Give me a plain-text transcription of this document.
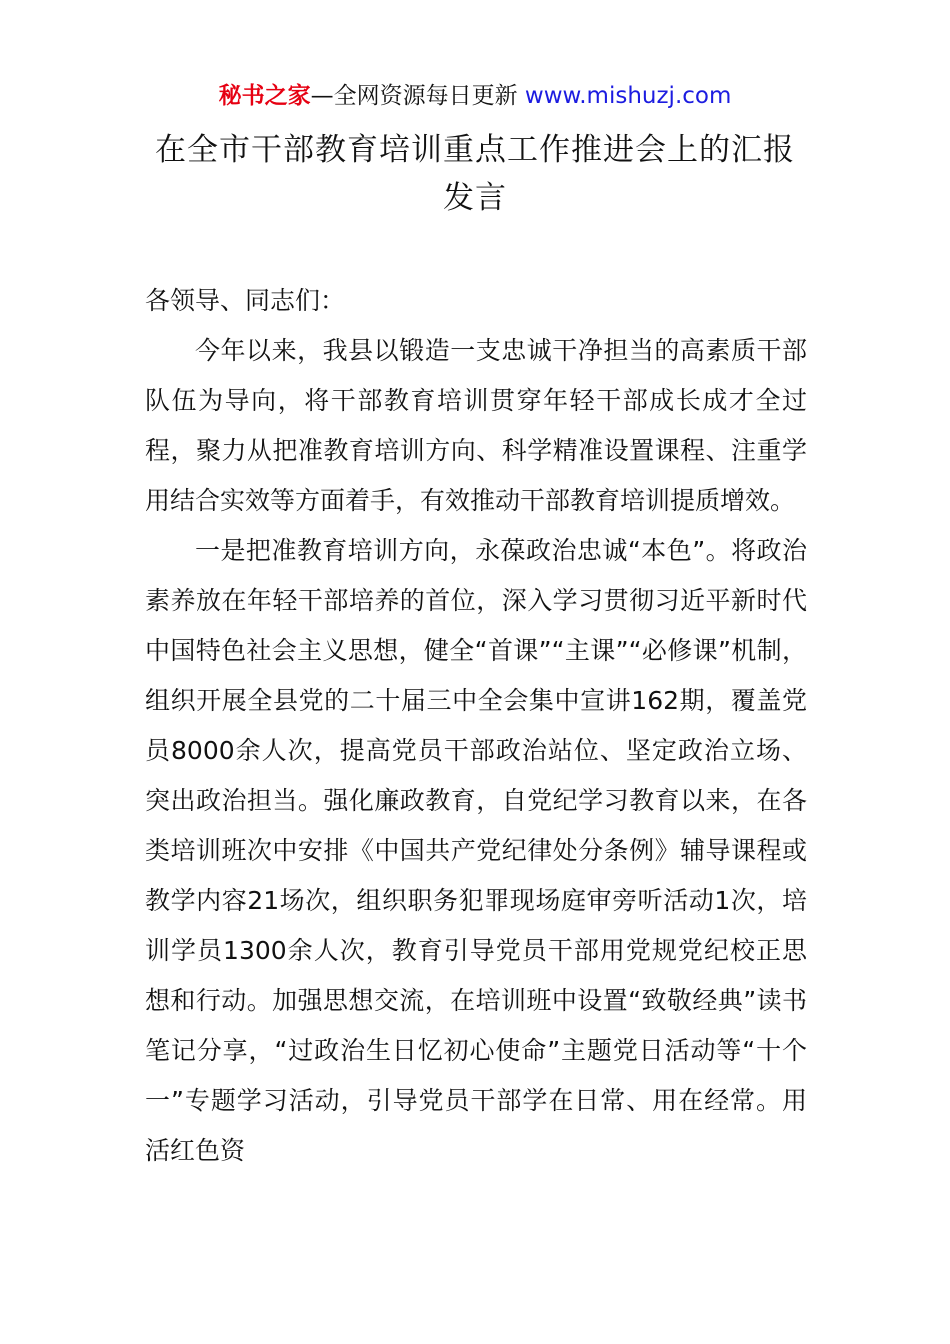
秘书之家—全网资源每日更新 www.mishuzj.com
在全市干部教育培训重点工作推进会上的汇报发言

各领导、同志们：

今年以来，我县以锻造一支忠诚干净担当的高素质干部队伍为导向，将干部教育培训贯穿年轻干部成长成才全过程，聚力从把准教育培训方向、科学精准设置课程、注重学用结合实效等方面着手，有效推动干部教育培训提质增效。

一是把准教育培训方向，永葆政治忠诚“本色”。将政治素养放在年轻干部培养的首位，深入学习贯彻习近平新时代中国特色社会主义思想，健全“首课”“主课”“必修课”机制，组织开展全县党的二十届三中全会集中宣讲162期，覆盖党员8000余人次，提高党员干部政治站位、坚定政治立场、突出政治担当。强化廉政教育，自党纪学习教育以来，在各类培训班次中安排《中国共产党纪律处分条例》辅导课程或教学内容21场次，组织职务犯罪现场庭审旁听活动1次，培训学员1300余人次，教育引导党员干部用党规党纪校正思想和行动。加强思想交流，在培训班中设置“致敬经典”读书笔记分享，“过政治生日忆初心使命”主题党日活动等“十个一”专题学习活动，引导党员干部学在日常、用在经常。用活红色资
